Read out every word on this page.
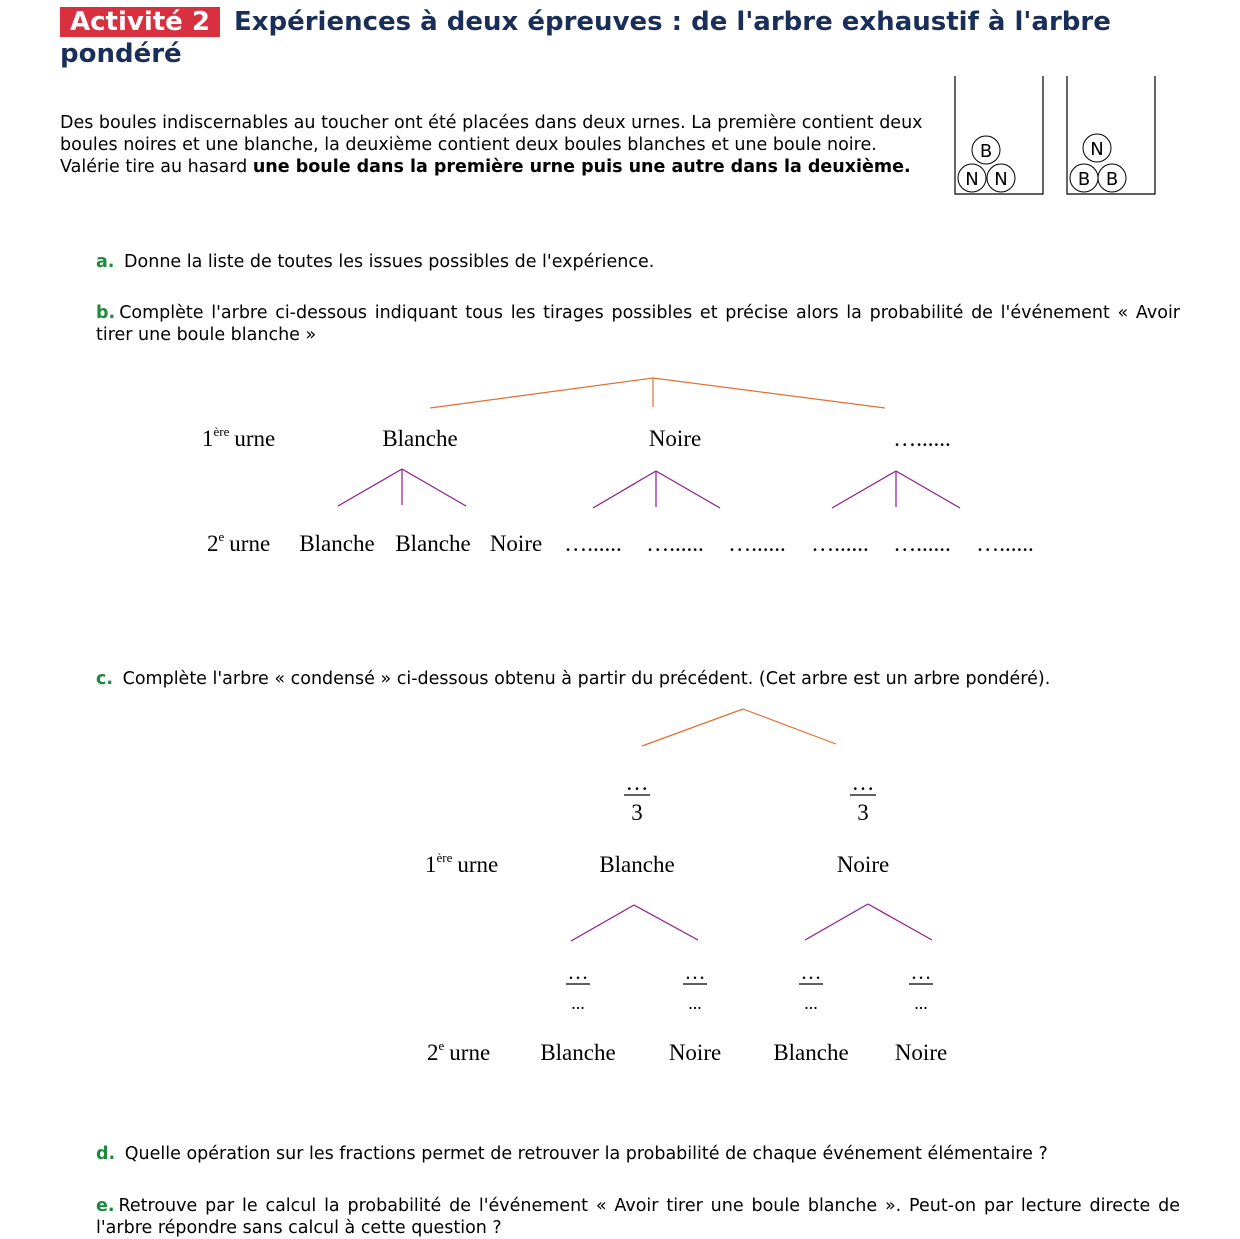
Activité 2 Expériences à deux épreuves : de l'arbre exhaustif à l'arbre pondéré
Des boules indiscernables au toucher ont été placées dans deux urnes. La première contient deux boules noires et une blanche, la deuxième contient deux boules blanches et une boule noire.
Valérie tire au hasard une boule dans la première urne puis une autre dans la deuxième.
B
N N
N
B B
a. Donne la liste de toutes les issues possibles de l'expérience.
b. Complète l'arbre ci-dessous indiquant tous les tirages possibles et précise alors la probabilité de l'événement « Avoir tirer une boule blanche »
1ère urne	Blanche	Noire	…......
2e urne Blanche Blanche Noire …...... …...... …...... …...... …...... …......
c. Complète l'arbre « condensé » ci-dessous obtenu à partir du précédent. (Cet arbre est un arbre pondéré).
…
3
…
3
1ère urne	Blanche	Noire
…
...
…
...
…
...
…
...
2e urne Blanche Noire Blanche Noire
d. Quelle opération sur les fractions permet de retrouver la probabilité de chaque événement élémentaire ?
e. Retrouve par le calcul la probabilité de l'événement « Avoir tirer une boule blanche ». Peut-on par lecture directe de l'arbre répondre sans calcul à cette question ?
